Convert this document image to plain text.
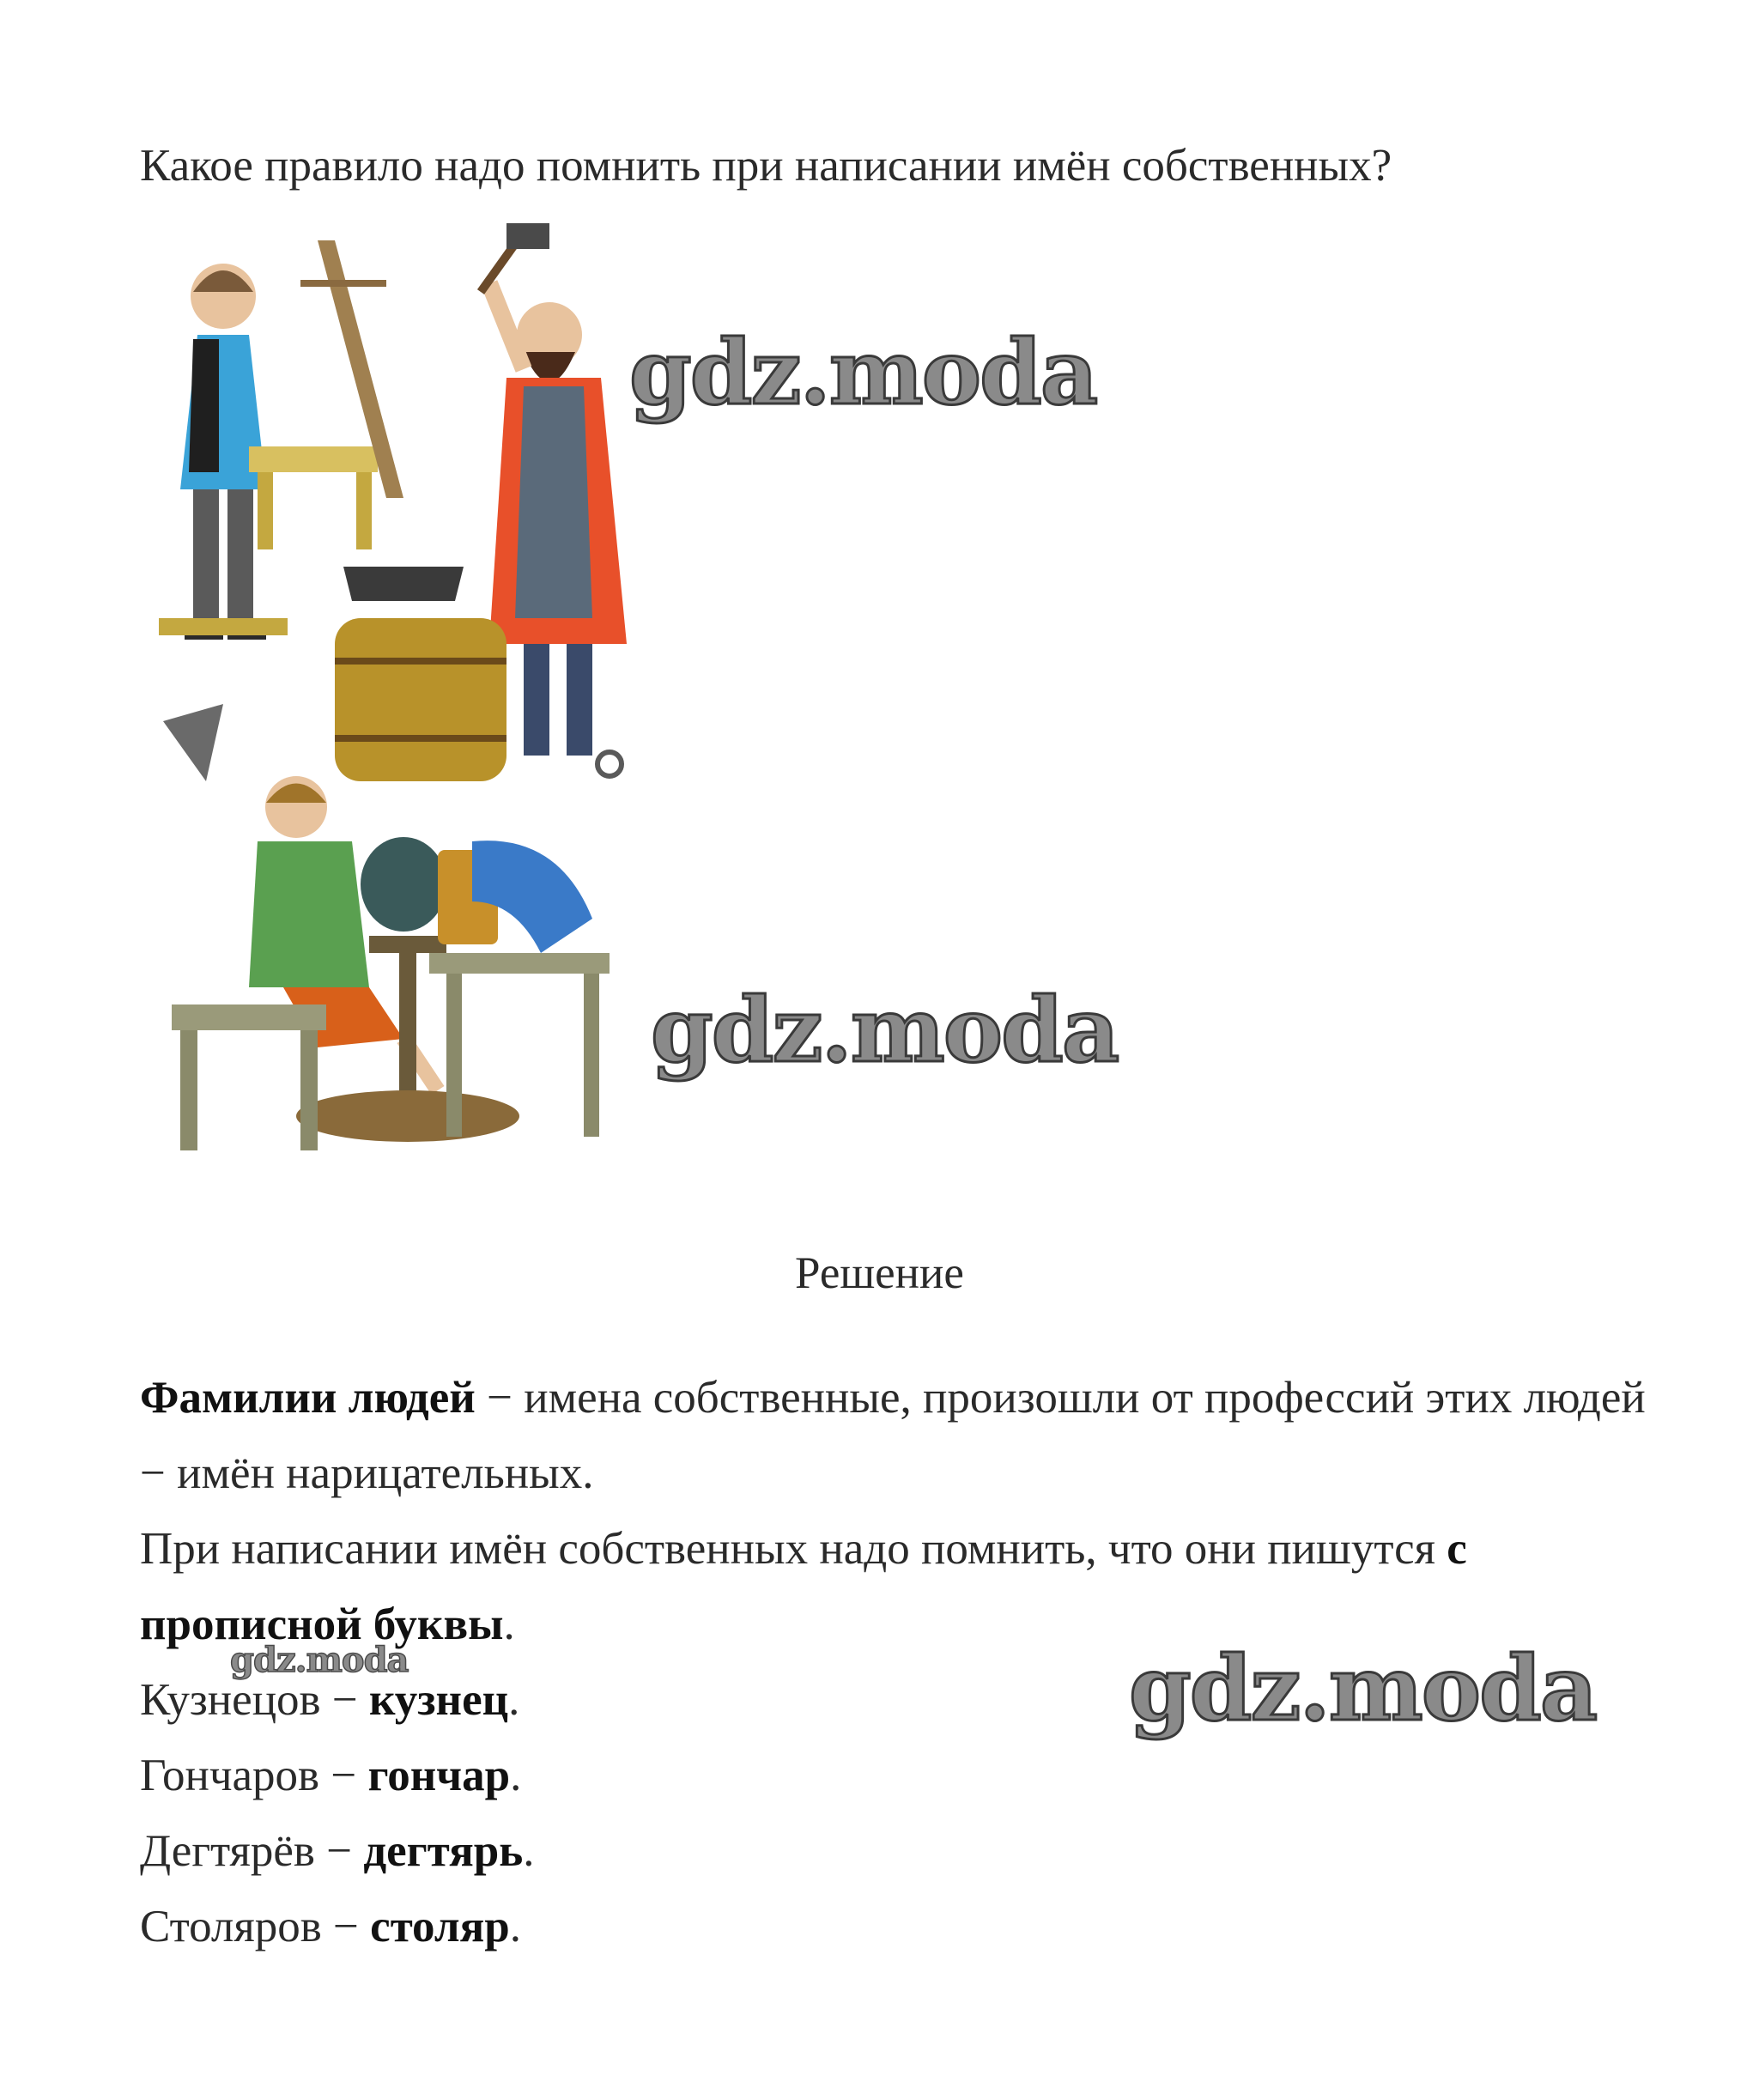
Какое правило надо помнить при написании имён собственных?
Решение

Фамилии людей − имена собственные, произошли от профессий этих людей − имён нарицательных.

При написании имён собственных надо помнить, что они пишутся с прописной буквы.

Кузнецов − кузнец.

Гончаров − гончар.

Дегтярёв − дегтярь.

Столяров − столяр.

gdz.moda
gdz.moda
gdz.moda
gdz.moda
